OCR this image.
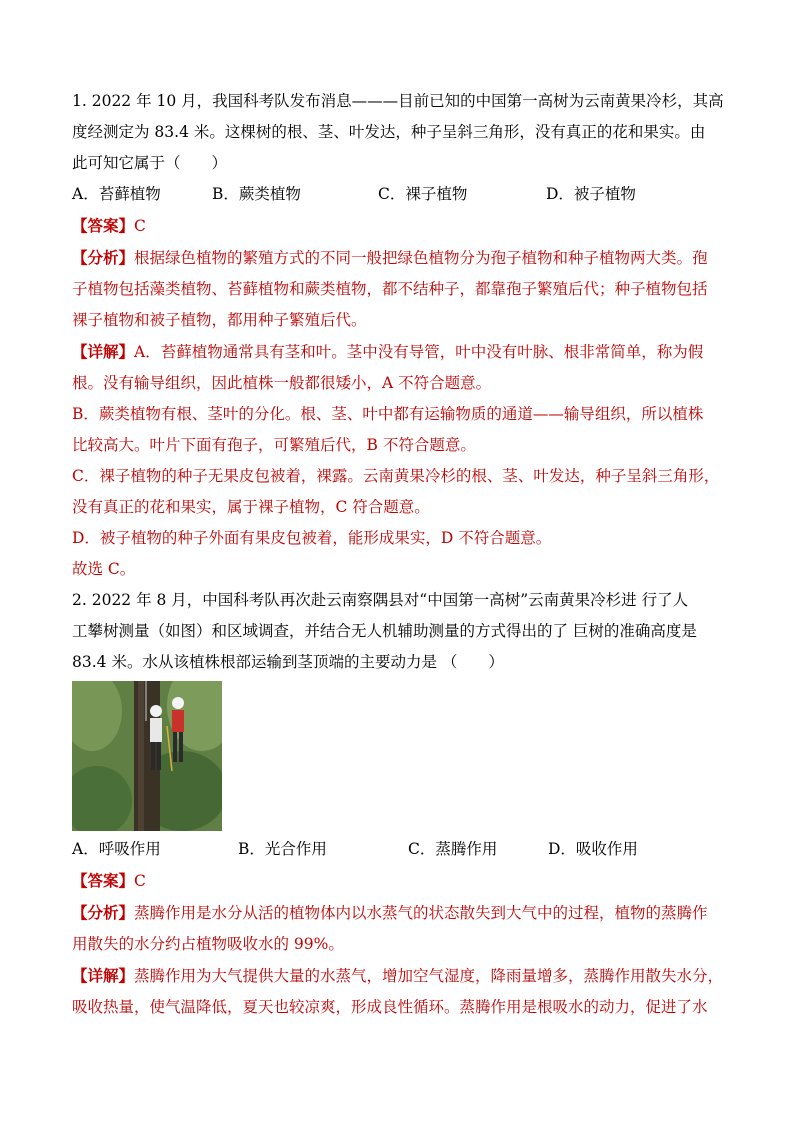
1. 2022 年 10 月，我国科考队发布消息———目前已知的中国第一高树为云南黄果冷杉，其高
度经测定为 83.4 米。这棵树的根、茎、叶发达，种子呈斜三角形，没有真正的花和果实。由
此可知它属于（　　）
A．苔藓植物	B．蕨类植物	C．裸子植物	D．被子植物
【答案】C
【分析】根据绿色植物的繁殖方式的不同一般把绿色植物分为孢子植物和种子植物两大类。孢
子植物包括藻类植物、苔藓植物和蕨类植物，都不结种子，都靠孢子繁殖后代；种子植物包括
裸子植物和被子植物，都用种子繁殖后代。
【详解】A．苔藓植物通常具有茎和叶。茎中没有导管，叶中没有叶脉、根非常简单，称为假
根。没有输导组织，因此植株一般都很矮小，A 不符合题意。
B．蕨类植物有根、茎叶的分化。根、茎、叶中都有运输物质的通道——输导组织，所以植株
比较高大。叶片下面有孢子，可繁殖后代，B 不符合题意。
C．裸子植物的种子无果皮包被着，裸露。云南黄果冷杉的根、茎、叶发达，种子呈斜三角形，
没有真正的花和果实，属于裸子植物，C 符合题意。
D．被子植物的种子外面有果皮包被着，能形成果实，D 不符合题意。
故选 C。
2. 2022 年 8 月，中国科考队再次赴云南察隅县对“中国第一高树”云南黄果冷杉进 行了人
工攀树测量（如图）和区域调查，并结合无人机辅助测量的方式得出的了 巨树的准确高度是
83.4 米。水从该植株根部运输到茎顶端的主要动力是 （　　）
A．呼吸作用	B．光合作用	C．蒸腾作用	D．吸收作用
【答案】C
【分析】蒸腾作用是水分从活的植物体内以水蒸气的状态散失到大气中的过程，植物的蒸腾作
用散失的水分约占植物吸收水的 99%。
【详解】蒸腾作用为大气提供大量的水蒸气，增加空气湿度，降雨量增多，蒸腾作用散失水分，
吸收热量，使气温降低，夏天也较凉爽，形成良性循环。蒸腾作用是根吸水的动力，促进了水
